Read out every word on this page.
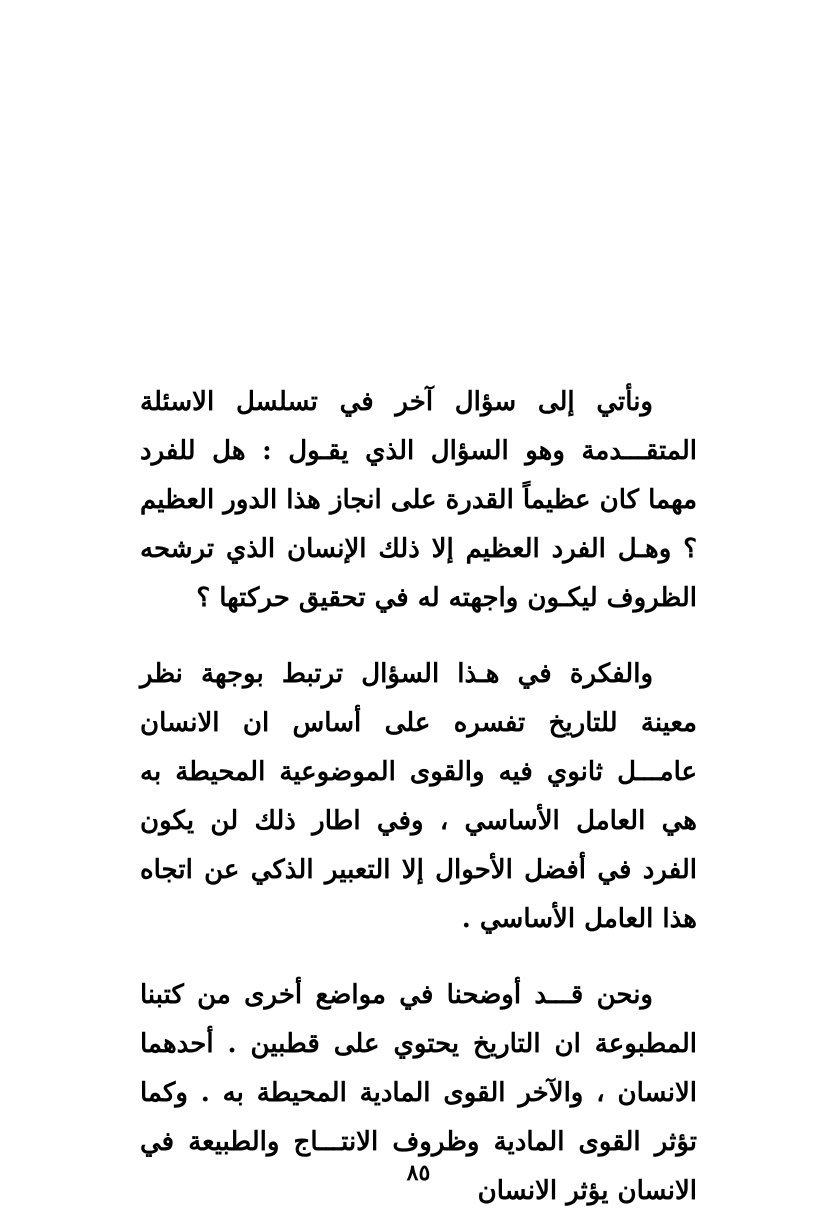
ونأتي إلى سؤال آخر في تسلسل الاسئلة المتقـــدمة وهو السؤال الذي يقـول : هل للفرد مهما كان عظيماً القدرة على انجاز هذا الدور العظيم ؟ وهـل الفرد العظيم إلا ذلك الإنسان الذي ترشحه الظروف ليكـون واجهته له في تحقيق حركتها ؟

والفكرة في هـذا السؤال ترتبط بوجهة نظر معينة للتاريخ تفسره على أساس ان الانسان عامـــل ثانوي فيه والقوى الموضوعية المحيطة به هي العامل الأساسي ، وفي اطار ذلك لن يكون الفرد في أفضل الأحوال إلا التعبير الذكي عن اتجاه هذا العامل الأساسي .

ونحن قـــد أوضحنا في مواضع أخرى من كتبنا المطبوعة ان التاريخ يحتوي على قطبين . أحدهما الانسان ، والآخر القوى المادية المحيطة به . وكما تؤثر القوى المادية وظروف الانتـــاج والطبيعة في الانسان يؤثر الانسان

٨٥
